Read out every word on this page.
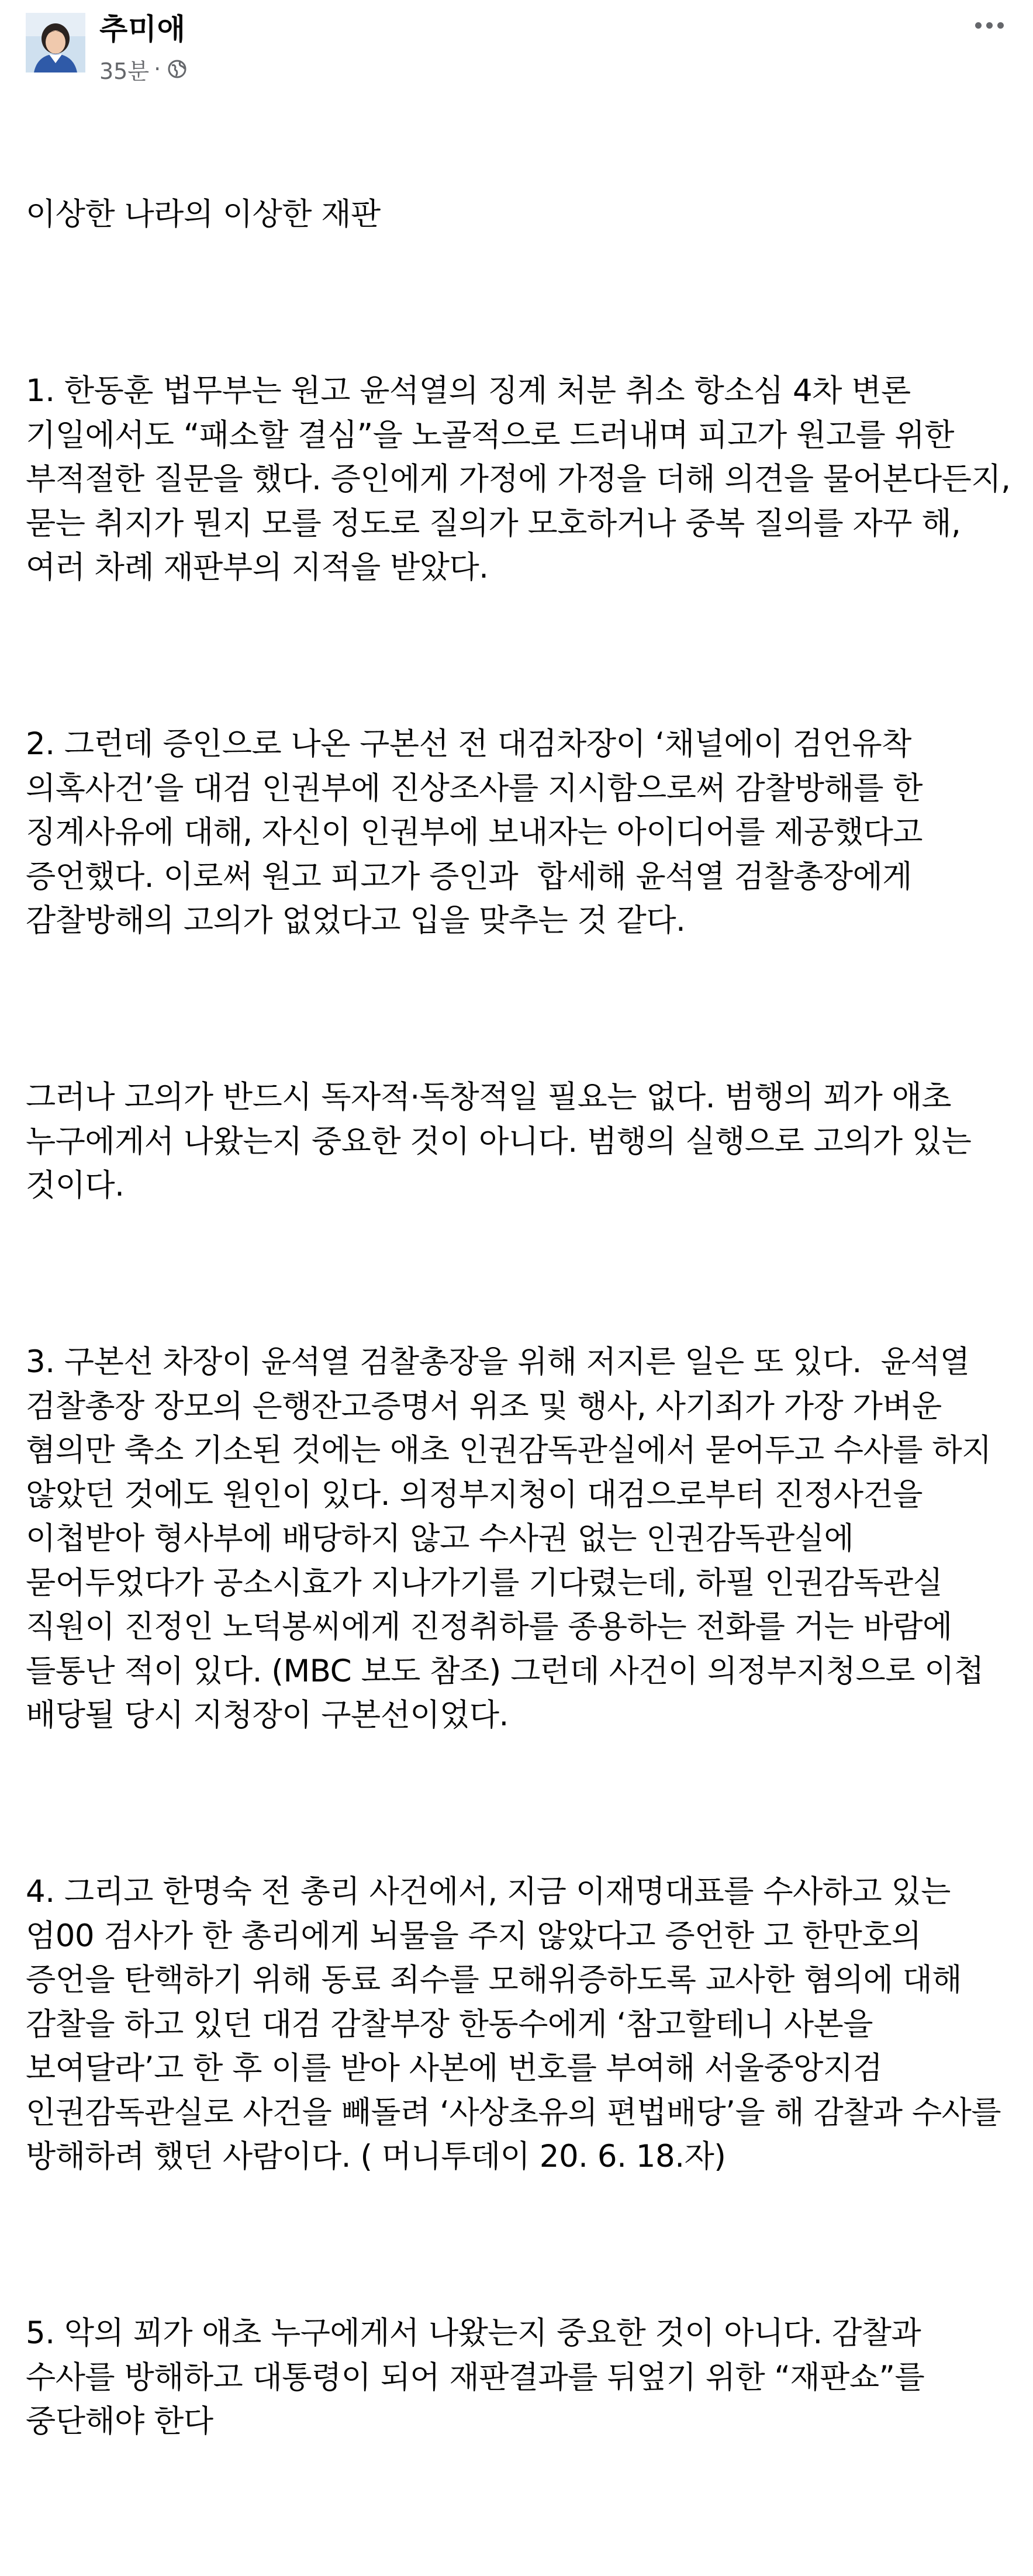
추미애
35분 ·

이상한 나라의 이상한 재판

1. 한동훈 법무부는 원고 윤석열의 징계 처분 취소 항소심 4차 변론 기일에서도 “패소할 결심”을 노골적으로 드러내며 피고가 원고를 위한 부적절한 질문을 했다. 증인에게 가정에 가정을 더해 의견을 물어본다든지, 묻는 취지가 뭔지 모를 정도로 질의가 모호하거나 중복 질의를 자꾸 해, 여러 차례 재판부의 지적을 받았다.

2. 그런데 증인으로 나온 구본선 전 대검차장이 ‘채널에이 검언유착 의혹사건’을 대검 인권부에 진상조사를 지시함으로써 감찰방해를 한 징계사유에 대해, 자신이 인권부에 보내자는 아이디어를 제공했다고 증언했다. 이로써 원고 피고가 증인과  합세해 윤석열 검찰총장에게 감찰방해의 고의가 없었다고 입을 맞추는 것 같다.

그러나 고의가 반드시 독자적·독창적일 필요는 없다. 범행의 꾀가 애초 누구에게서 나왔는지 중요한 것이 아니다. 범행의 실행으로 고의가 있는 것이다.

3. 구본선 차장이 윤석열 검찰총장을 위해 저지른 일은 또 있다.  윤석열 검찰총장 장모의 은행잔고증명서 위조 및 행사, 사기죄가 가장 가벼운 혐의만 축소 기소된 것에는 애초 인권감독관실에서 묻어두고 수사를 하지 않았던 것에도 원인이 있다. 의정부지청이 대검으로부터 진정사건을 이첩받아 형사부에 배당하지 않고 수사권 없는 인권감독관실에 묻어두었다가 공소시효가 지나가기를 기다렸는데, 하필 인권감독관실 직원이 진정인 노덕봉씨에게 진정취하를 종용하는 전화를 거는 바람에 들통난 적이 있다. (MBC 보도 참조) 그런데 사건이 의정부지청으로 이첩 배당될 당시 지청장이 구본선이었다.

4. 그리고 한명숙 전 총리 사건에서, 지금 이재명대표를 수사하고 있는 엄00 검사가 한 총리에게 뇌물을 주지 않았다고 증언한 고 한만호의 증언을 탄핵하기 위해 동료 죄수를 모해위증하도록 교사한 혐의에 대해 감찰을 하고 있던 대검 감찰부장 한동수에게 ‘참고할테니 사본을 보여달라’고 한 후 이를 받아 사본에 번호를 부여해 서울중앙지검 인권감독관실로 사건을 빼돌려 ‘사상초유의 편법배당’을 해 감찰과 수사를 방해하려 했던 사람이다. ( 머니투데이 20. 6. 18.자)

5. 악의 꾀가 애초 누구에게서 나왔는지 중요한 것이 아니다. 감찰과 수사를 방해하고 대통령이 되어 재판결과를 뒤엎기 위한 “재판쇼”를 중단해야 한다
